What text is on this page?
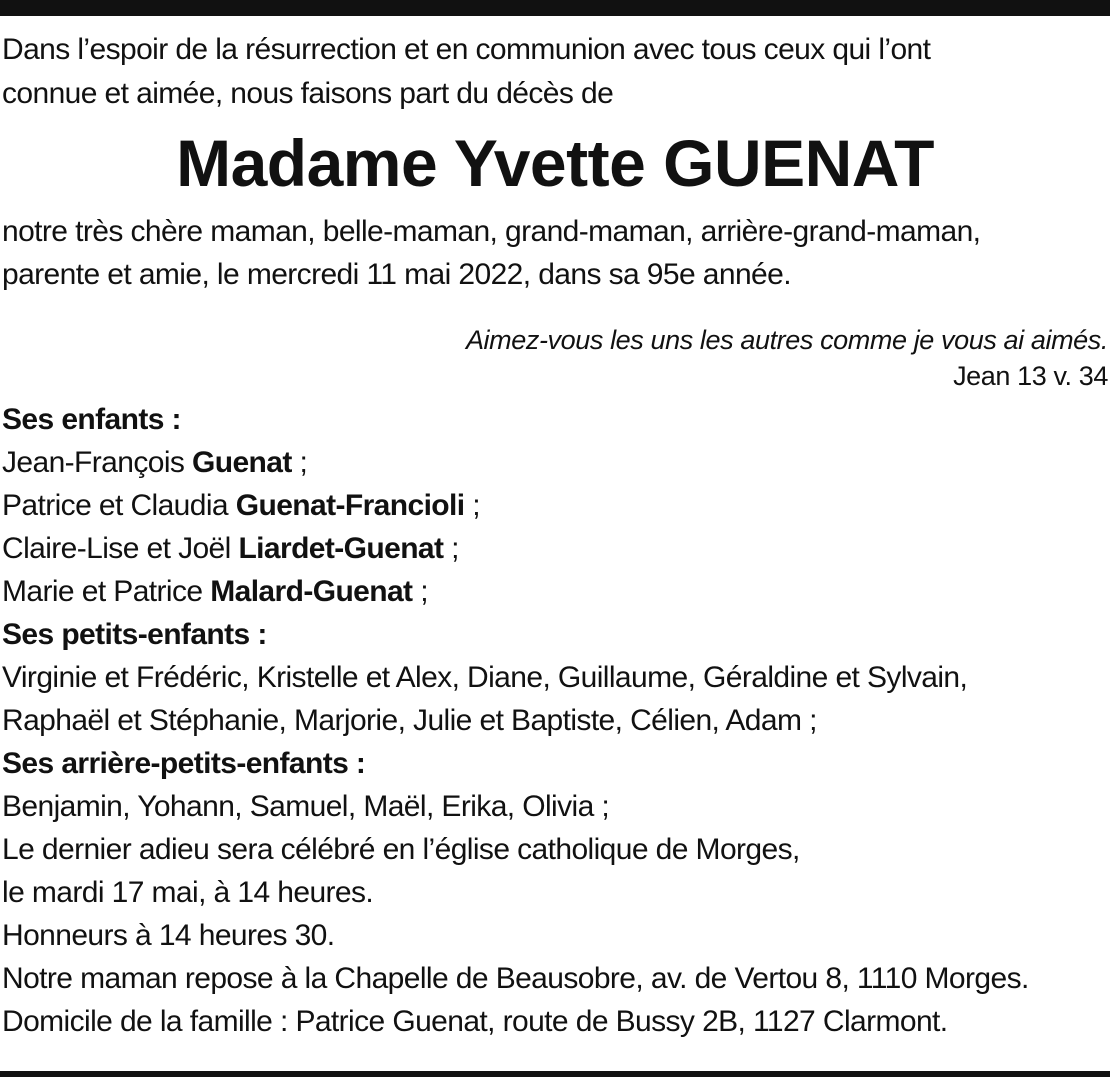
Dans l’espoir de la résurrection et en communion avec tous ceux qui l’ont
connue et aimée, nous faisons part du décès de
Madame Yvette GUENAT
notre très chère maman, belle-maman, grand-maman, arrière-grand-maman,
parente et amie, le mercredi 11 mai 2022, dans sa 95e année.
Aimez-vous les uns les autres comme je vous ai aimés.
Jean 13 v. 34
Ses enfants :
Jean-François Guenat ;
Patrice et Claudia Guenat-Francioli ;
Claire-Lise et Joël Liardet-Guenat ;
Marie et Patrice Malard-Guenat ;
Ses petits-enfants :
Virginie et Frédéric, Kristelle et Alex, Diane, Guillaume, Géraldine et Sylvain,
Raphaël et Stéphanie, Marjorie, Julie et Baptiste, Célien, Adam ;
Ses arrière-petits-enfants :
Benjamin, Yohann, Samuel, Maël, Erika, Olivia ;
Le dernier adieu sera célébré en l’église catholique de Morges,
le mardi 17 mai, à 14 heures.
Honneurs à 14 heures 30.
Notre maman repose à la Chapelle de Beausobre, av. de Vertou 8, 1110 Morges.
Domicile de la famille : Patrice Guenat, route de Bussy 2B, 1127 Clarmont.
